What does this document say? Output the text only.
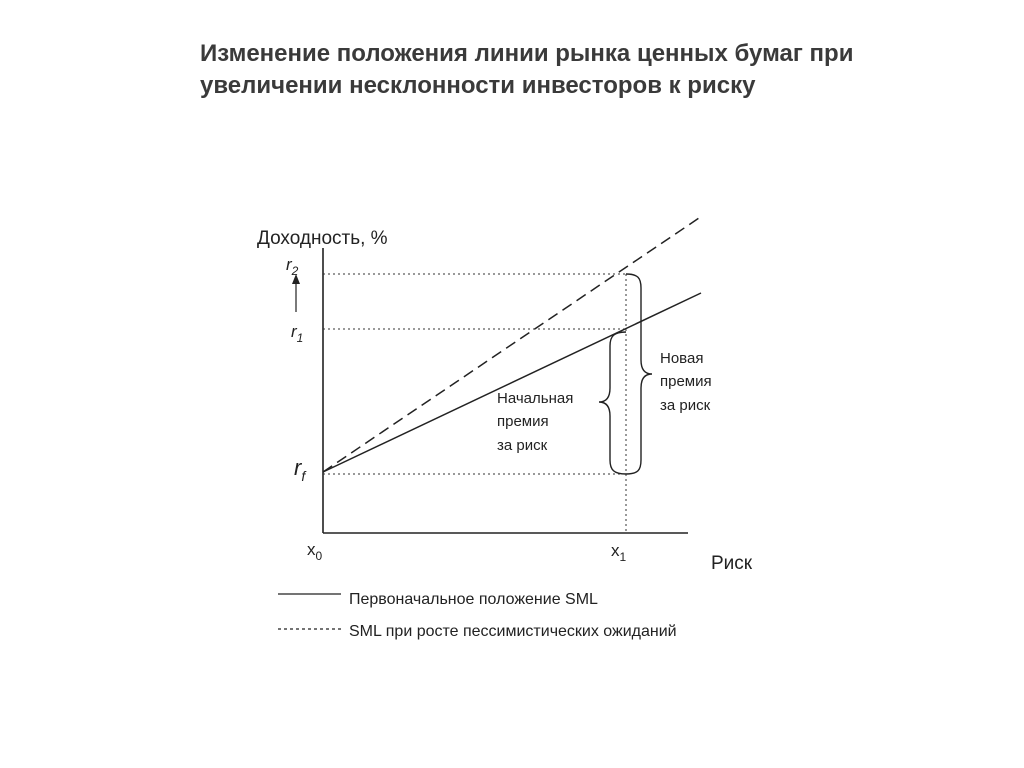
Изменение положения линии рынка ценных бумаг при
увеличении несклонности инвесторов к риску
Доходность, %
Риск
$r_2$
$r_1$
$r_f$
$x_0$	$x_1$
Начальная премия за риск
Новая премия за риск
Первоначальное положение SML
SML при росте пессимистических ожиданий
